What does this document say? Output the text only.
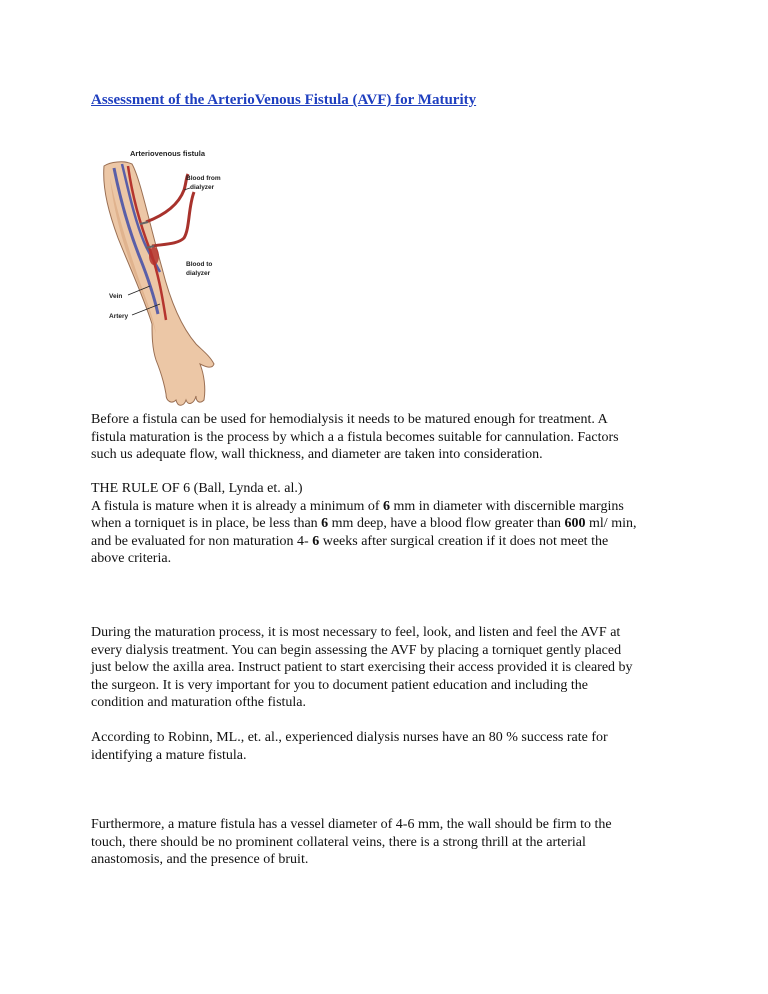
Assessment of the ArterioVenous Fistula (AVF) for Maturity
Arteriovenous fistula
Blood from
dialyzer
Blood to
dialyzer
Vein
Artery

Before a fistula can be used for hemodialysis it needs to be matured enough for treatment. A
fistula maturation is the process by which a a fistula becomes suitable for cannulation. Factors
such us adequate flow, wall thickness, and diameter are taken into consideration.

THE RULE OF 6 (Ball, Lynda et. al.)
A fistula is mature when it is already a minimum of 6 mm in diameter with discernible margins
when a torniquet is in place, be less than 6 mm deep, have a blood flow greater than 600 ml/ min,
and be evaluated for non maturation 4- 6 weeks after surgical creation if it does not meet the
above criteria.

During the maturation process, it is most necessary to feel, look, and listen and feel the AVF at
every dialysis treatment. You can begin assessing the AVF by placing a torniquet gently placed
just below the axilla area. Instruct patient to start exercising their access provided it is cleared by
the surgeon. It is very important for you to document patient education and including the
condition and maturation ofthe fistula.

According to Robinn, ML., et. al., experienced dialysis nurses have an 80 % success rate for
identifying a mature fistula.

Furthermore, a mature fistula has a vessel diameter of 4-6 mm, the wall should be firm to the
touch, there should be no prominent collateral veins, there is a strong thrill at the arterial
anastomosis, and the presence of bruit.
